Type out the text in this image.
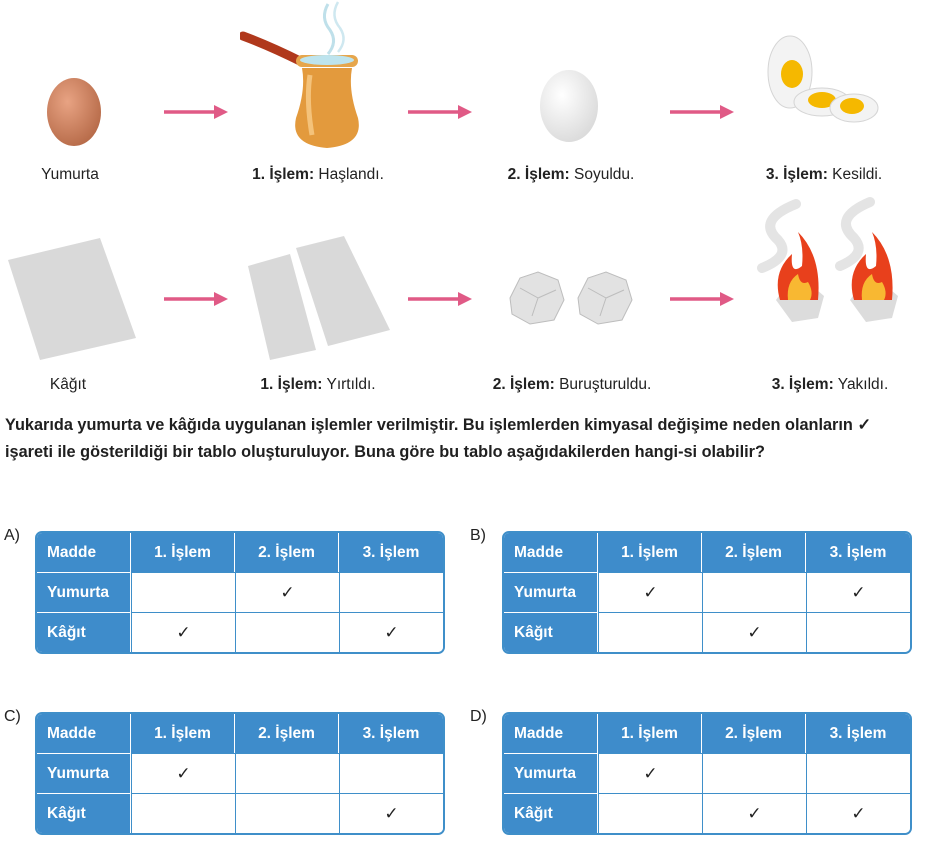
Yumurta	1. İşlem: Haşlandı.	2. İşlem: Soyuldu.	3. İşlem: Kesildi.
Kâğıt	1. İşlem: Yırtıldı.	2. İşlem: Buruşturuldu.	3. İşlem: Yakıldı.
Yukarıda yumurta ve kâğıda uygulanan işlemler verilmiştir. Bu işlemlerden kimyasal değişime neden olanların ✓ işareti ile gösterildiği bir tablo oluşturuluyor. Buna göre bu tablo aşağıdakilerden hangi-si olabilir?
A)
Madde	1. İşlem	2. İşlem	3. İşlem
Yumurta		✓	
Kâğıt	✓		✓
B)
Madde	1. İşlem	2. İşlem	3. İşlem
Yumurta	✓		✓
Kâğıt		✓	
C)
Madde	1. İşlem	2. İşlem	3. İşlem
Yumurta	✓		
Kâğıt			✓
D)
Madde	1. İşlem	2. İşlem	3. İşlem
Yumurta	✓		
Kâğıt		✓	✓
